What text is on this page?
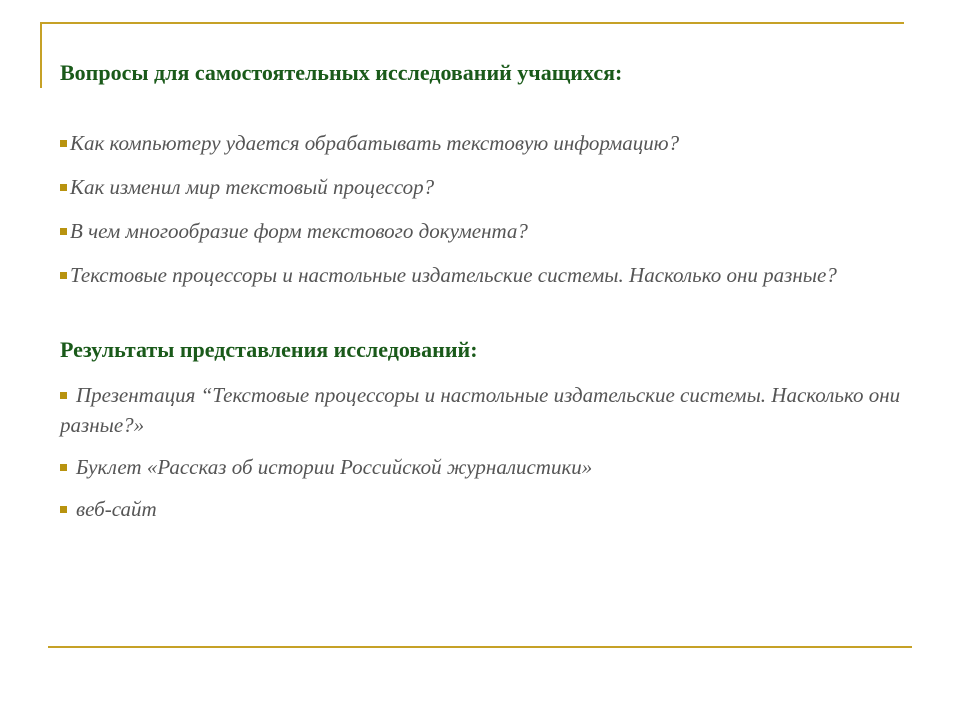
Вопросы для самостоятельных исследований учащихся:
Как компьютеру удается обрабатывать текстовую информацию?
Как изменил мир текстовый процессор?
В чем многообразие форм текстового документа?
Текстовые процессоры и настольные издательские системы. Насколько они разные?
Результаты представления исследований:
Презентация “Текстовые процессоры и настольные издательские системы. Насколько они разные?»
Буклет «Рассказ об истории Российской журналистики»
веб-сайт
